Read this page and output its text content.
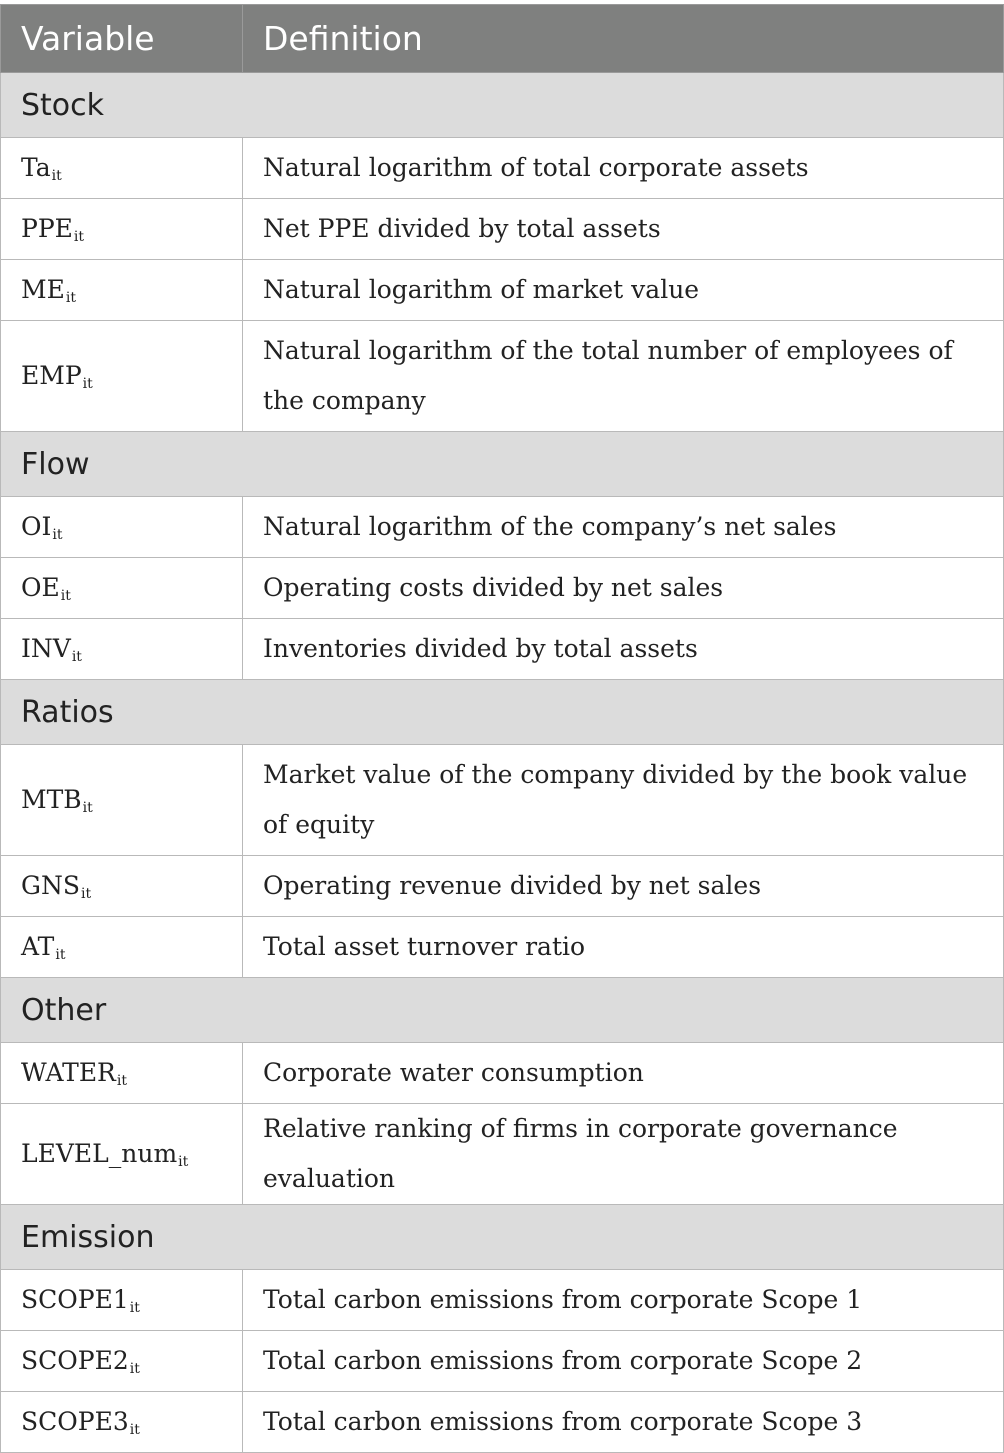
Variable	Definition
Stock	
$Ta_{it}$	Natural logarithm of total corporate assets
$PPE_{it}$	Net PPE divided by total assets
$ME_{it}$	Natural logarithm of market value
$EMP_{it}$	Natural logarithm of the total number of employees of the company
Flow	
$OI_{it}$	Natural logarithm of the company’s net sales
$OE_{it}$	Operating costs divided by net sales
$INV_{it}$	Inventories divided by total assets
Ratios	
$MTB_{it}$	Market value of the company divided by the book value of equity
$GNS_{it}$	Operating revenue divided by net sales
$AT_{it}$	Total asset turnover ratio
Other	
$WATER_{it}$	Corporate water consumption
LEVEL_num$_{it}$	Relative ranking of firms in corporate governance evaluation
Emission	
$SCOPE1_{it}$	Total carbon emissions from corporate Scope 1
$SCOPE2_{it}$	Total carbon emissions from corporate Scope 2
$SCOPE3_{it}$	Total carbon emissions from corporate Scope 3
